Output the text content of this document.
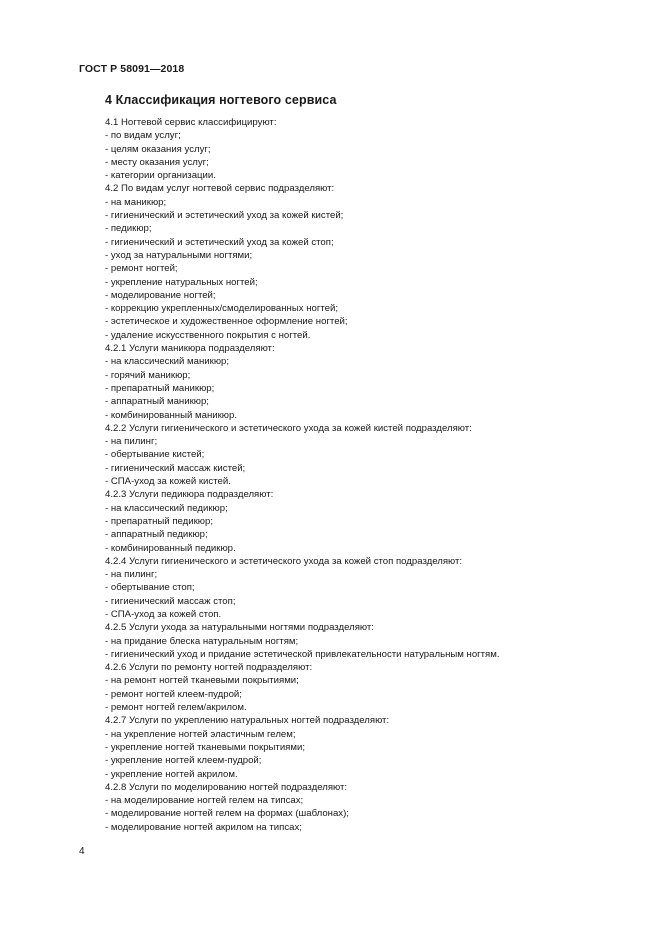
ГОСТ Р 58091—2018
4 Классификация ногтевого сервиса
4.1 Ногтевой сервис классифицируют:
- по видам услуг;
- целям оказания услуг;
- месту оказания услуг;
- категории организации.
4.2 По видам услуг ногтевой сервис подразделяют:
- на маникюр;
- гигиенический и эстетический уход за кожей кистей;
- педикюр;
- гигиенический и эстетический уход за кожей стоп;
- уход за натуральными ногтями;
- ремонт ногтей;
- укрепление натуральных ногтей;
- моделирование ногтей;
- коррекцию укрепленных/смоделированных ногтей;
- эстетическое и художественное оформление ногтей;
- удаление искусственного покрытия с ногтей.
4.2.1 Услуги маникюра подразделяют:
- на классический маникюр;
- горячий маникюр;
- препаратный маникюр;
- аппаратный маникюр;
- комбинированный маникюр.
4.2.2 Услуги гигиенического и эстетического ухода за кожей кистей подразделяют:
- на пилинг;
- обертывание кистей;
- гигиенический массаж кистей;
- СПА-уход за кожей кистей.
4.2.3 Услуги педикюра подразделяют:
- на классический педикюр;
- препаратный педикюр;
- аппаратный педикюр;
- комбинированный педикюр.
4.2.4 Услуги гигиенического и эстетического ухода за кожей стоп подразделяют:
- на пилинг;
- обертывание стоп;
- гигиенический массаж стоп;
- СПА-уход за кожей стоп.
4.2.5 Услуги ухода за натуральными ногтями подразделяют:
- на придание блеска натуральным ногтям;
- гигиенический уход и придание эстетической привлекательности натуральным ногтям.
4.2.6 Услуги по ремонту ногтей подразделяют:
- на ремонт ногтей тканевыми покрытиями;
- ремонт ногтей клеем-пудрой;
- ремонт ногтей гелем/акрилом.
4.2.7 Услуги по укреплению натуральных ногтей подразделяют:
- на укрепление ногтей эластичным гелем;
- укрепление ногтей тканевыми покрытиями;
- укрепление ногтей клеем-пудрой;
- укрепление ногтей акрилом.
4.2.8 Услуги по моделированию ногтей подразделяют:
- на моделирование ногтей гелем на типсах;
- моделирование ногтей гелем на формах (шаблонах);
- моделирование ногтей акрилом на типсах;
4
